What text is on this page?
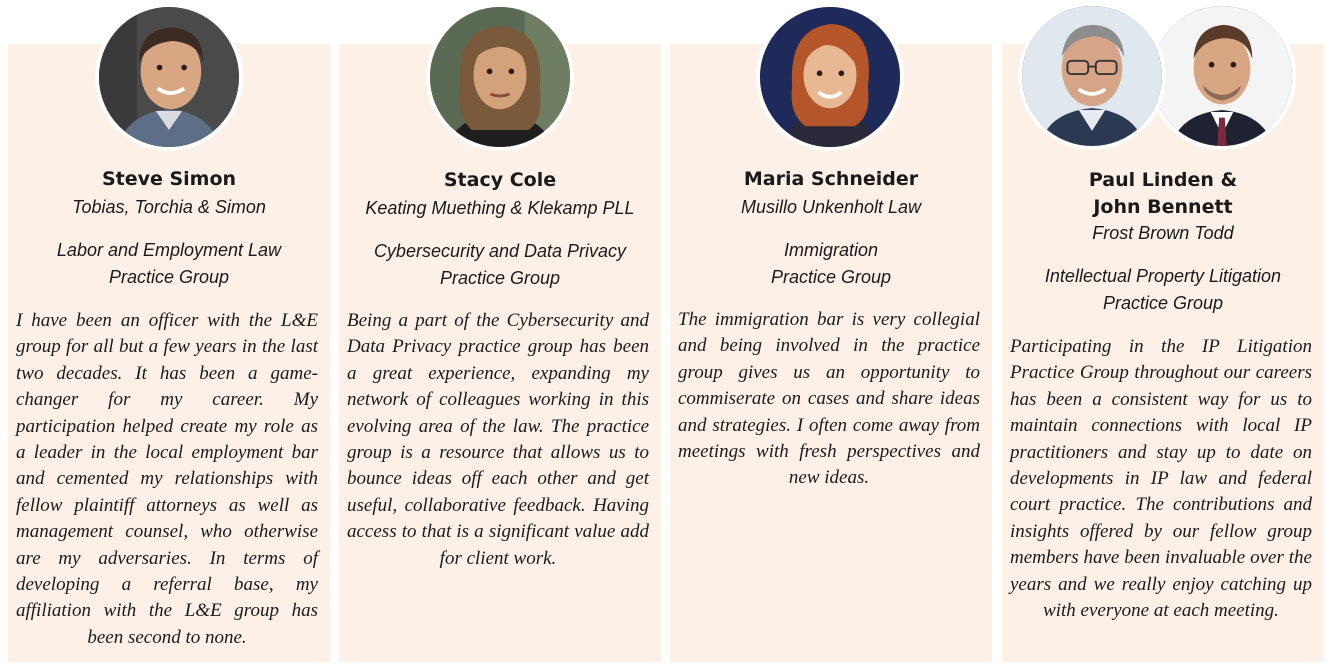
Steve Simon
Tobias, Torchia & Simon
Labor and Employment Law
Practice Group
I have been an officer with the L&E group for all but a few years in the last two decades. It has been a game-changer for my career. My participation helped create my role as a leader in the local employment bar and cemented my relationships with fellow plaintiff attorneys as well as management counsel, who otherwise are my adversaries. In terms of developing a referral base, my affiliation with the L&E group has been second to none.
Stacy Cole
Keating Muething & Klekamp PLL
Cybersecurity and Data Privacy
Practice Group
Being a part of the Cybersecurity and Data Privacy practice group has been a great experience, expanding my network of colleagues working in this evolving area of the law. The practice group is a resource that allows us to bounce ideas off each other and get useful, collaborative feedback. Having access to that is a significant value add for client work.
Maria Schneider
Musillo Unkenholt Law
Immigration
Practice Group
The immigration bar is very collegial and being involved in the practice group gives us an opportunity to commiserate on cases and share ideas and strategies. I often come away from meetings with fresh perspectives and new ideas.
Paul Linden &
John Bennett
Frost Brown Todd
Intellectual Property Litigation
Practice Group
Participating in the IP Litigation Practice Group throughout our careers has been a consistent way for us to maintain connections with local IP practitioners and stay up to date on developments in IP law and federal court practice. The contributions and insights offered by our fellow group members have been invaluable over the years and we really enjoy catching up with everyone at each meeting.
